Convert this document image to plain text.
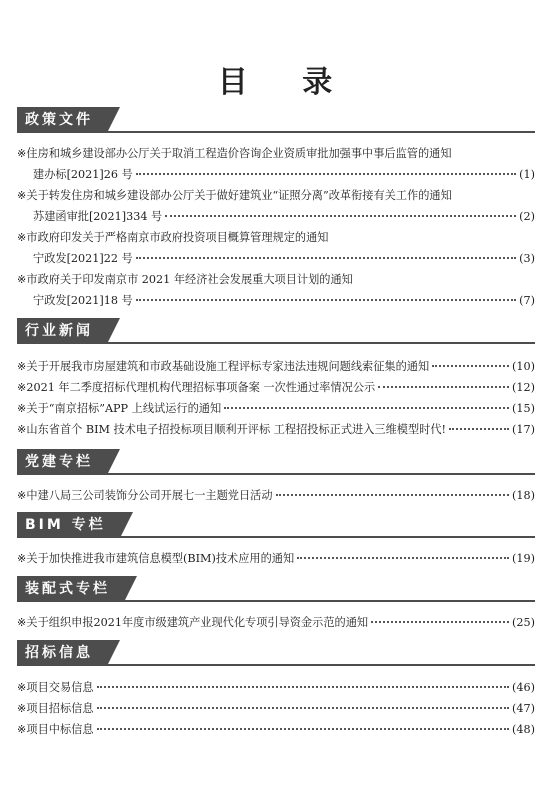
目 录
政策文件
※ 住房和城乡建设部办公厅关于取消工程造价咨询企业资质审批加强事中事后监管的通知
建办标[2021]26 号	(1)
※ 关于转发住房和城乡建设部办公厅关于做好建筑业“证照分离”改革衔接有关工作的通知
苏建函审批[2021]334 号	(2)
※ 市政府印发关于严格南京市政府投资项目概算管理规定的通知
宁政发[2021]22 号	(3)
※ 市政府关于印发南京市 2021 年经济社会发展重大项目计划的通知
宁政发[2021]18 号	(7)
行业新闻
※ 关于开展我市房屋建筑和市政基础设施工程评标专家违法违规问题线索征集的通知	(10)
※ 2021 年二季度招标代理机构代理招标事项备案 一次性通过率情况公示	(12)
※ 关于“南京招标”APP 上线试运行的通知	(15)
※ 山东省首个 BIM 技术电子招投标项目顺利开评标 工程招投标正式进入三维模型时代!	(17)
党建专栏
※ 中建八局三公司装饰分公司开展七一主题党日活动	(18)
BIM 专栏
※ 关于加快推进我市建筑信息模型(BIM)技术应用的通知	(19)
装配式专栏
※ 关于组织申报2021年度市级建筑产业现代化专项引导资金示范的通知	(25)
招标信息
※ 项目交易信息	(46)
※ 项目招标信息	(47)
※ 项目中标信息	(48)
